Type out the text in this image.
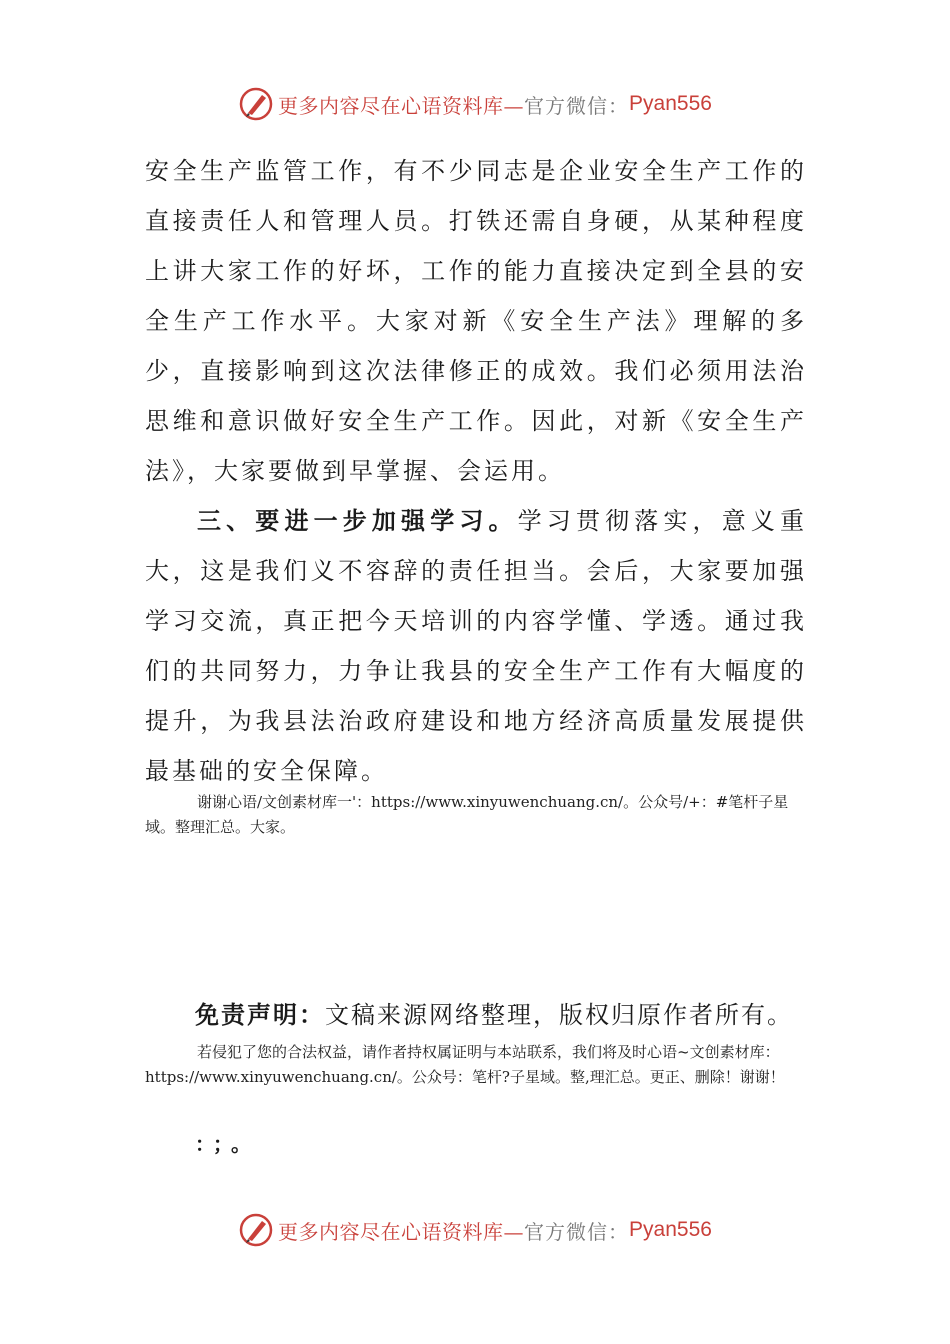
更多内容尽在心语资料库— 官方微信： Pyan556

安全生产监管工作，有不少同志是企业安全生产工作的直接责任人和管理人员。打铁还需自身硬，从某种程度上讲大家工作的好坏，工作的能力直接决定到全县的安全生产工作水平。大家对新《安全生产法》理解的多少，直接影响到这次法律修正的成效。我们必须用法治思维和意识做好安全生产工作。因此，对新《安全生产法》，大家要做到早掌握、会运用。

三、要进一步加强学习。学习贯彻落实，意义重大，这是我们义不容辞的责任担当。会后，大家要加强学习交流，真正把今天培训的内容学懂、学透。通过我们的共同努力，力争让我县的安全生产工作有大幅度的提升，为我县法治政府建设和地方经济高质量发展提供最基础的安全保障。

谢谢心语/文创素材库一'：https://www.xinyuwenchuang.cn/。公众号/+：#笔杆子星域。整理汇总。大家。

免责声明：文稿来源网络整理，版权归原作者所有。

若侵犯了您的合法权益，请作者持权属证明与本站联系，我们将及时心语~文创素材库：https://www.xinyuwenchuang.cn/。公众号：笔杆?子星域。整,理汇总。更正、删除！谢谢！

：；。

更多内容尽在心语资料库— 官方微信： Pyan556
